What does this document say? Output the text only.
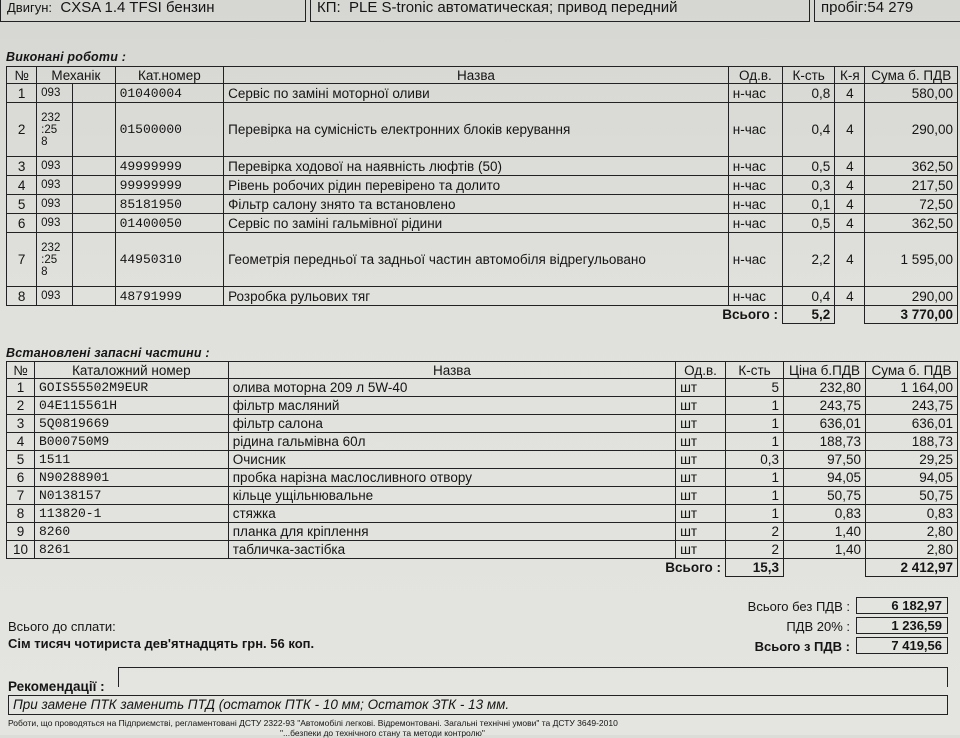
Двигун: CXSA 1.4 TFSI бензин	КП: PLE S-tronic автоматическая; привод передний	пробіг:54 279
Виконані роботи :
№	Механік		Кат.номер	Назва	Од.в.	К-сть	К-я	Сума б. ПДВ
1	093		01040004	Сервіс по заміні моторної оливи	н-час	0,8	4	580,00
2	232
:25
8		01500000	Перевірка на сумісність електронних блоків керування	н-час	0,4	4	290,00
3	093		49999999	Перевірка ходової на наявність люфтів (50)	н-час	0,5	4	362,50
4	093		99999999	Рівень робочих рідин перевірено та долито	н-час	0,3	4	217,50
5	093		85181950	Фільтр салону знято та встановлено	н-час	0,1	4	72,50
6	093		01400050	Сервіс по заміні гальмівної рідини	н-час	0,5	4	362,50
7	232
:25
8		44950310	Геометрія передньої та задньої частин автомобіля відрегульовано	н-час	2,2	4	1 595,00
8	093		48791999	Розробка рульових тяг	н-час	0,4	4	290,00
Всього :						5,2		3 770,00
Встановлені запасні частини :
№	Каталожний номер	Назва	Од.в.	К-сть	Ціна б.ПДВ	Сума б. ПДВ
1	GOIS55502M9EUR	олива моторна 209 л 5W-40	шт	5	232,80	1 164,00
2	04E115561H	фільтр масляний	шт	1	243,75	243,75
3	5Q0819669	фільтр салона	шт	1	636,01	636,01
4	B000750M9	рідина гальмівна 60л	шт	1	188,73	188,73
5	1511	Очисник	шт	0,3	97,50	29,25
6	N90288901	пробка нарізна маслосливного отвору	шт	1	94,05	94,05
7	N0138157	кільце ущільнювальне	шт	1	50,75	50,75
8	113820-1	стяжка	шт	1	0,83	0,83
9	8260	планка для кріплення	шт	2	1,40	2,80
10	8261	табличка-застібка	шт	2	1,40	2,80
Всього :				15,3		2 412,97
Всього до сплати:
Сім тисяч чотириста дев'ятнадцять грн. 56 коп.
Всього без ПДВ :	6 182,97
ПДВ 20% :	1 236,59
Всього з ПДВ :	7 419,56
Рекомендації :
При замене ПТК заменить ПТД (остаток ПТК - 10 мм; Остаток ЗТК - 13 мм.
Роботи, що проводяться на Підприємстві, регламентовані ДСТУ 2322-93 "Автомобілі легкові. Відремонтовані. Загальні технічні умови" та ДСТУ 3649-2010
"...безпеки до технічного стану та методи контролю"
